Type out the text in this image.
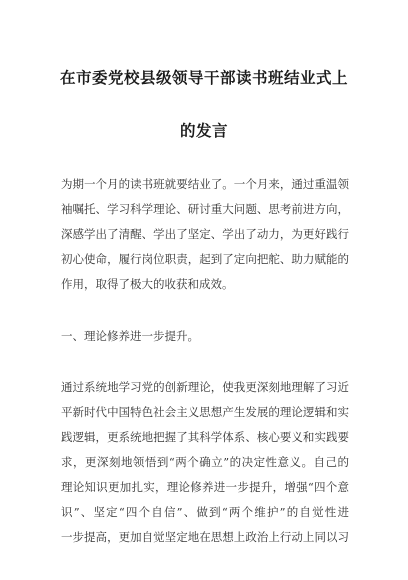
在市委党校县级领导干部读书班结业式上
的发言
为期一个月的读书班就要结业了。一个月来，通过重温领
袖嘱托、学习科学理论、研讨重大问题、思考前进方向，
深感学出了清醒、学出了坚定、学出了动力，为更好践行
初心使命，履行岗位职责，起到了定向把舵、助力赋能的
作用，取得了极大的收获和成效。
一、理论修养进一步提升。
通过系统地学习党的创新理论，使我更深刻地理解了习近
平新时代中国特色社会主义思想产生发展的理论逻辑和实
践逻辑，更系统地把握了其科学体系、核心要义和实践要
求，更深刻地领悟到“两个确立”的决定性意义。自己的
理论知识更加扎实，理论修养进一步提升，增强“四个意
识”、坚定“四个自信”、做到“两个维护”的自觉性进
一步提高，更加自觉坚定地在思想上政治上行动上同以习
